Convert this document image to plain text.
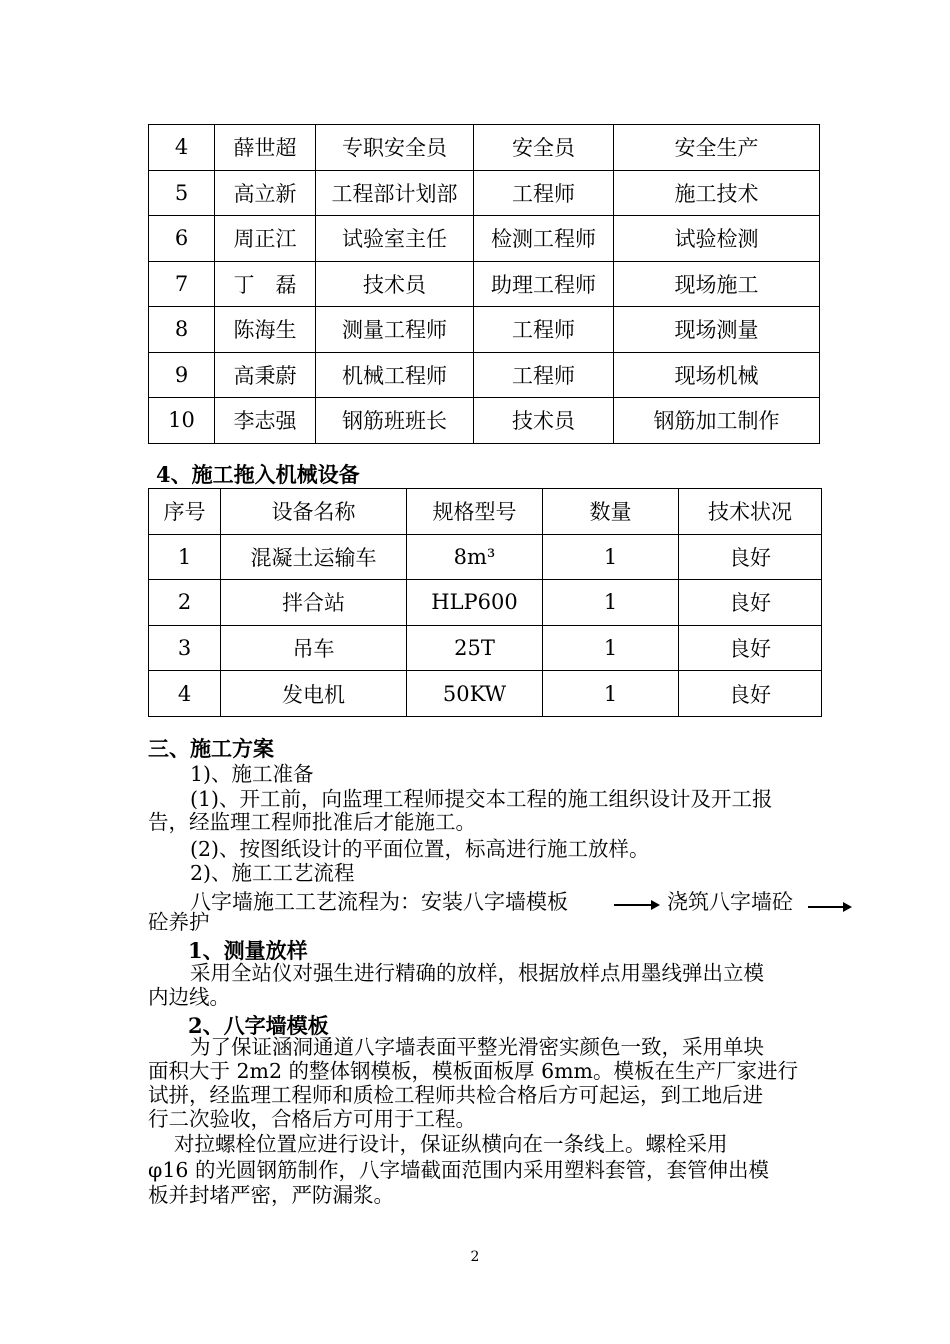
4	薛世超	专职安全员	安全员	安全生产
5	高立新	工程部计划部	工程师	施工技术
6	周正江	试验室主任	检测工程师	试验检测
7	丁　磊	技术员	助理工程师	现场施工
8	陈海生	测量工程师	工程师	现场测量
9	高秉蔚	机械工程师	工程师	现场机械
10	李志强	钢筋班班长	技术员	钢筋加工制作
4、施工拖入机械设备
序号	设备名称	规格型号	数量	技术状况
1	混凝土运输车	8m³	1	良好
2	拌合站	HLP600	1	良好
3	吊车	25T	1	良好
4	发电机	50KW	1	良好
三、施工方案
1)、施工准备
(1)、开工前，向监理工程师提交本工程的施工组织设计及开工报
告，经监理工程师批准后才能施工。
(2)、按图纸设计的平面位置，标高进行施工放样。
2)、施工工艺流程
八字墙施工工艺流程为：安装八字墙模板	浇筑八字墙砼
砼养护
1、测量放样
采用全站仪对强生进行精确的放样，根据放样点用墨线弹出立模
内边线。
2、八字墙模板
为了保证涵洞通道八字墙表面平整光滑密实颜色一致，采用单块
面积大于 2m2 的整体钢模板，模板面板厚 6mm。模板在生产厂家进行
试拼，经监理工程师和质检工程师共检合格后方可起运，到工地后进
行二次验收，合格后方可用于工程。
对拉螺栓位置应进行设计，保证纵横向在一条线上。螺栓采用
φ16 的光圆钢筋制作，八字墙截面范围内采用塑料套管，套管伸出模
板并封堵严密，严防漏浆。
2
